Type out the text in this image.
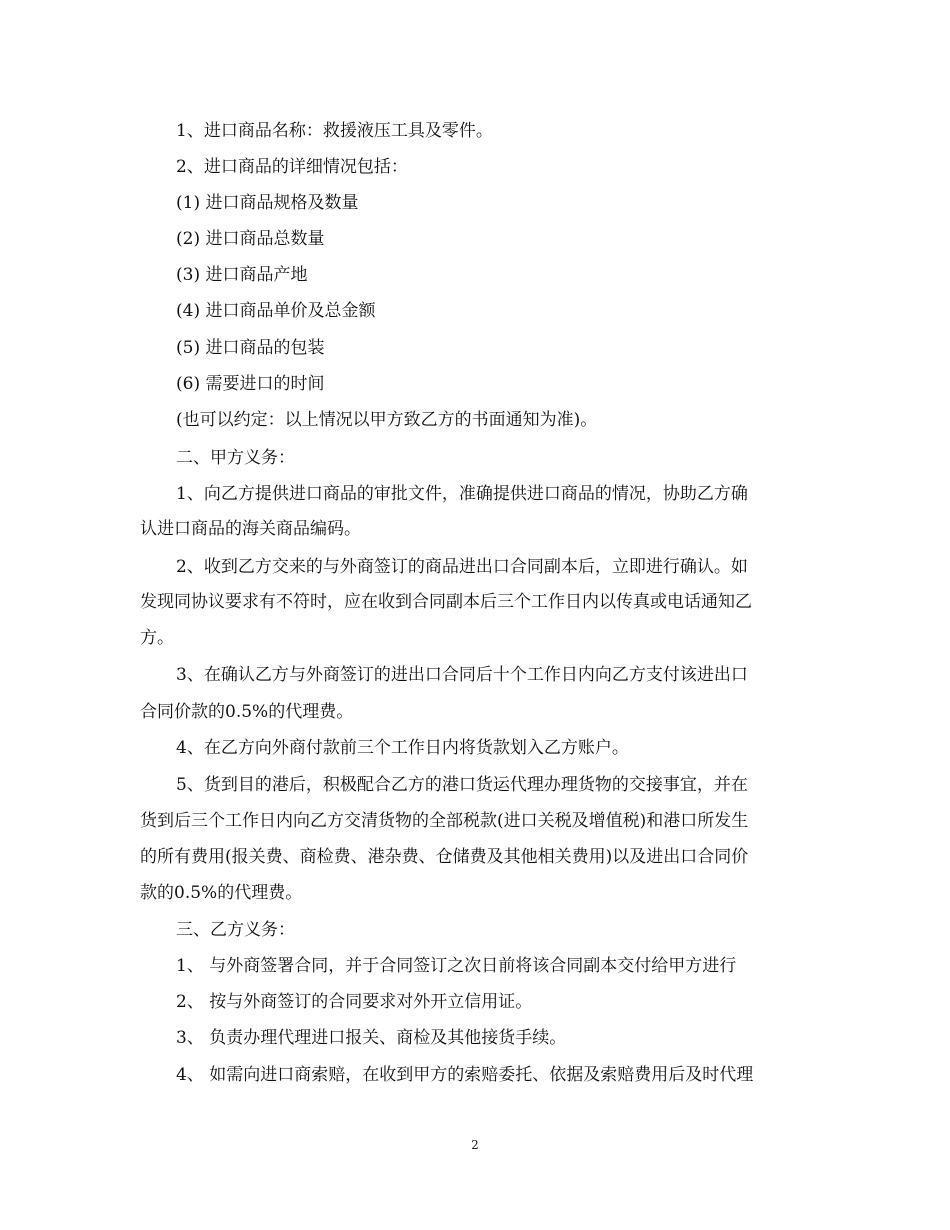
1、进口商品名称：救援液压工具及零件。
2、进口商品的详细情况包括：
(1) 进口商品规格及数量
(2) 进口商品总数量
(3) 进口商品产地
(4) 进口商品单价及总金额
(5) 进口商品的包装
(6) 需要进口的时间
(也可以约定：以上情况以甲方致乙方的书面通知为准)。
二、甲方义务：
1、向乙方提供进口商品的审批文件，准确提供进口商品的情况，协助乙方确
认进口商品的海关商品编码。
2、收到乙方交来的与外商签订的商品进出口合同副本后，立即进行确认。如
发现同协议要求有不符时，应在收到合同副本后三个工作日内以传真或电话通知乙
方。
3、在确认乙方与外商签订的进出口合同后十个工作日内向乙方支付该进出口
合同价款的0.5%的代理费。
4、在乙方向外商付款前三个工作日内将货款划入乙方账户。
5、货到目的港后，积极配合乙方的港口货运代理办理货物的交接事宜，并在
货到后三个工作日内向乙方交清货物的全部税款(进口关税及增值税)和港口所发生
的所有费用(报关费、商检费、港杂费、仓储费及其他相关费用)以及进出口合同价
款的0.5%的代理费。
三、乙方义务：
1、 与外商签署合同，并于合同签订之次日前将该合同副本交付给甲方进行
2、 按与外商签订的合同要求对外开立信用证。
3、 负责办理代理进口报关、商检及其他接货手续。
4、 如需向进口商索赔，在收到甲方的索赔委托、依据及索赔费用后及时代理
2
